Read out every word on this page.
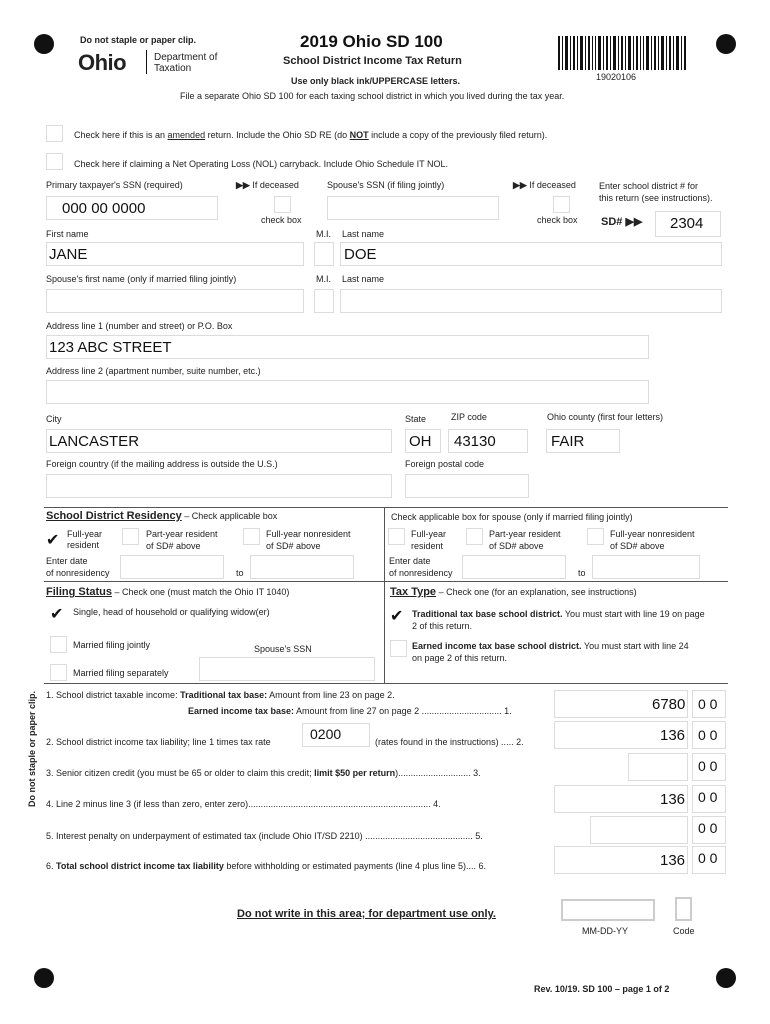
Do not staple or paper clip.
Ohio	Department of
Taxation
2019 Ohio SD 100
School District Income Tax Return
Use only black ink/UPPERCASE letters.	19020106
File a separate Ohio SD 100 for each taxing school district in which you lived during the tax year.
Check here if this is an amended return. Include the Ohio SD RE (do NOT include a copy of the previously filed return).
Check here if claiming a Net Operating Loss (NOL) carryback. Include Ohio Schedule IT NOL.
Primary taxpayer's SSN (required)	▶▶ If deceased	Spouse's SSN (if filing jointly)	▶▶ If deceased	Enter school district # for
this return (see instructions).
000 00 0000
check box	check box SD# ▶▶ 2304
First name	M.I. Last name
JANE	DOE
Spouse's first name (only if married filing jointly)	M.I. Last name
Address line 1 (number and street) or P.O. Box
123 ABC STREET
Address line 2 (apartment number, suite number, etc.)
City	State	ZIP code	Ohio county (first four letters)
LANCASTER	OH 43130	FAIR
Foreign country (if the mailing address is outside the U.S.)	Foreign postal code
School District Residency – Check applicable box	Check applicable box for spouse (only if married filing jointly)
✔ Full-year
resident
Part-year resident
of SD# above
Full-year nonresident
of SD# above
Full-year
resident
Part-year resident
of SD# above
Full-year nonresident
of SD# above
Enter date
of nonresidency	to
Enter date
of nonresidency	to
Filing Status – Check one (must match the Ohio IT 1040)
✔ Single, head of household or qualifying widow(er)
Married filing jointly	Spouse's SSN
Married filing separately
Tax Type – Check one (for an explanation, see instructions)
✔ Traditional tax base school district. You must start with line 19 on page
2 of this return.
Earned income tax base school district. You must start with line 24
on page 2 of this return.
Do not staple or paper clip. 1. School district taxable income: Traditional tax base: Amount from line 23 on page 2.
Earned income tax base: Amount from line 27 on page 2 ................................ 1.	6780 0 0
2. School district income tax liability; line 1 times tax rate	0200	(rates found in the instructions) ..... 2.	136 0 0
3. Senior citizen credit (you must be 65 or older to claim this credit; limit $50 per return)............................. 3.	0 0
4. Line 2 minus line 3 (if less than zero, enter zero)......................................................................... 4.	136 0 0
5. Interest penalty on underpayment of estimated tax (include Ohio IT/SD 2210) ........................................... 5.	0 0
6. Total school district income tax liability before withholding or estimated payments (line 4 plus line 5).... 6.	136 0 0
Do not write in this area; for department use only.
MM-DD-YY	Code
Rev. 10/19. SD 100 – page 1 of 2
